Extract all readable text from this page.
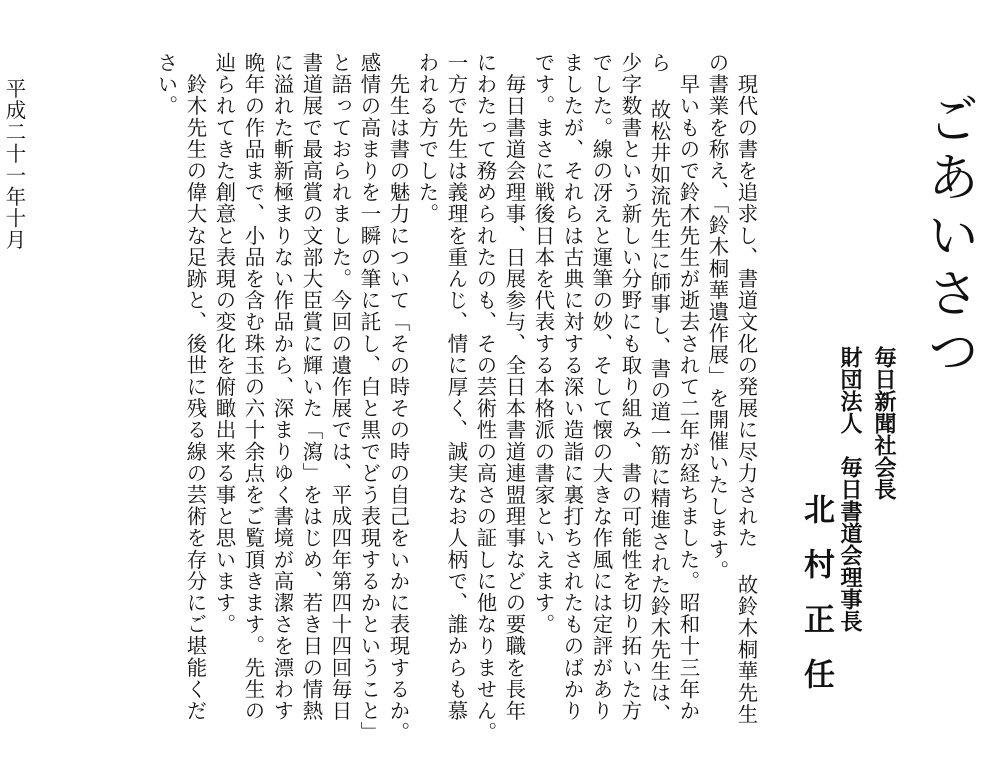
ごあいさつ
毎日新聞社会長
財団法人　毎日書道会理事長
北村正任
　現代の書を追求し、書道文化の発展に尽力された 故鈴木桐華先生
の書業を称え、「鈴木桐華遺作展」を開催いたします。
　早いもので鈴木先生が逝去されて二年が経ちました。昭和十三年か
ら 故松井如流先生に師事し、書の道一筋に精進された鈴木先生は、
少字数書という新しい分野にも取り組み、書の可能性を切り拓いた方
でした。線の冴えと運筆の妙、そして懐の大きな作風には定評があり
ましたが、それらは古典に対する深い造詣に裏打ちされたものばかり
です。まさに戦後日本を代表する本格派の書家といえます。
　毎日書道会理事、日展参与、全日本書道連盟理事などの要職を長年
にわたって務められたのも、その芸術性の高さの証しに他なりません。
一方で先生は義理を重んじ、情に厚く、誠実なお人柄で、誰からも慕
われる方でした。
　先生は書の魅力について「その時その時の自己をいかに表現するか。
感情の高まりを一瞬の筆に託し、白と黒でどう表現するかということ」
と語っておられました。今回の遺作展では、平成四年第四十四回毎日
書道展で最高賞の文部大臣賞に輝いた「瀉」をはじめ、若き日の情熱
に溢れた斬新極まりない作品から、深まりゆく書境が高潔さを漂わす
晩年の作品まで、小品を含む珠玉の六十余点をご覧頂きます。先生の
辿られてきた創意と表現の変化を俯瞰出来る事と思います。
　鈴木先生の偉大な足跡と、後世に残る線の芸術を存分にご堪能くだ
さい。
平成二十一年十月
